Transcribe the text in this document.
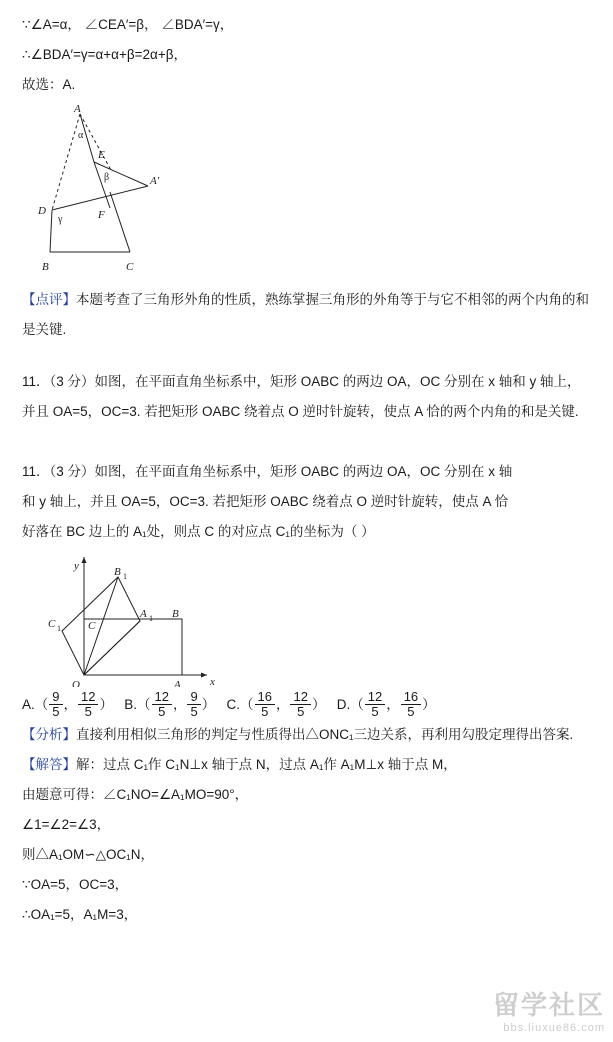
∵∠A=α， ∠CEA′=β， ∠BDA′=γ，
∴∠BDA′=γ=α+α+β=2α+β，
故选：A.
A
α
E
β	A′
D
γ	F
B	C
【点评】本题考查了三角形外角的性质，熟练掌握三角形的外角等于与它不相邻的两个内角的和是关键.
11．（3 分）如图，在平面直角坐标系中，矩形 OABC 的两边 OA，OC 分别在 x 轴和 y 轴上，并且 OA=5，OC=3. 若把矩形 OABC 绕着点 O 逆时针旋转，使点 A 恰的两个内角的和是关键.
11．（3 分）如图，在平面直角坐标系中，矩形 OABC 的两边 OA，OC 分别在 x 轴
和 y 轴上，并且 OA=5，OC=3. 若把矩形 OABC 绕着点 O 逆时针旋转，使点 A 恰
好落在 BC 边上的 A₁处，则点 C 的对应点 C₁的坐标为（ ）
y	B 1
C 1 C
A 1 B
O	A	x
$A.( \frac{9}{5}$ ， $\frac{12}{5}$ ） $B.( \frac{12}{5}$ ， $\frac{9}{5}$ ） $C.( \frac{16}{5}$ ， $\frac{12}{5}$ ） $D.( \frac{12}{5}$ ， $\frac{16}{5}$ ）
【分析】直接利用相似三角形的判定与性质得出△ONC₁三边关系，再利用勾股定理得出答案.
【解答】解：过点 C₁作 C₁N⊥x 轴于点 N，过点 A₁作 A₁M⊥x 轴于点 M，
由题意可得：∠C₁NO=∠A₁MO=90°，
∠1=∠2=∠3，
则△A₁OM∽△OC₁N，
∵OA=5，OC=3，
∴OA₁=5，A₁M=3，
留学社区
bbs.liuxue86.com
